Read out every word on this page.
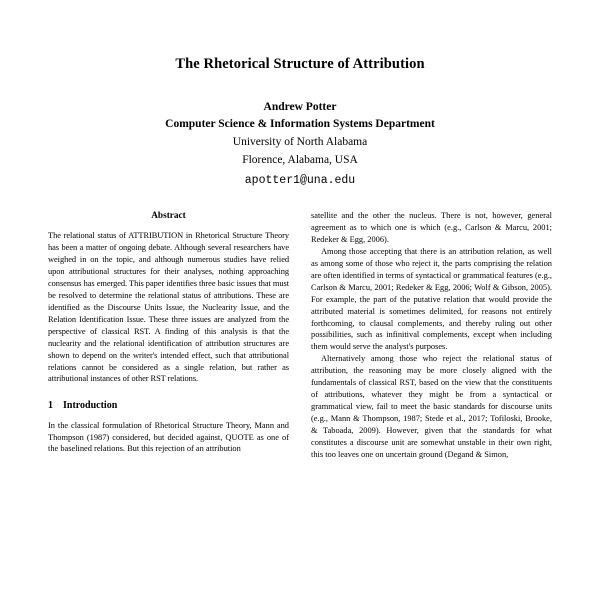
The Rhetorical Structure of Attribution
Andrew Potter
Computer Science & Information Systems Department
University of North Alabama
Florence, Alabama, USA
apotter1@una.edu
Abstract

The relational status of ATTRIBUTION in Rhetorical Structure Theory has been a matter of ongoing debate. Although several researchers have weighed in on the topic, and although numerous studies have relied upon attributional structures for their analyses, nothing approaching consensus has emerged. This paper identifies three basic issues that must be resolved to determine the relational status of attributions. These are identified as the Discourse Units Issue, the Nuclearity Issue, and the Relation Identification Issue. These three issues are analyzed from the perspective of classical RST. A finding of this analysis is that the nuclearity and the relational identification of attribution structures are shown to depend on the writer's intended effect, such that attributional relations cannot be considered as a single relation, but rather as attributional instances of other RST relations.

1 Introduction

In the classical formulation of Rhetorical Structure Theory, Mann and Thompson (1987) considered, but decided against, QUOTE as one of the baselined relations. But this rejection of an attribution

satellite and the other the nucleus. There is not, however, general agreement as to which one is which (e.g., Carlson & Marcu, 2001; Redeker & Egg, 2006).

Among those accepting that there is an attribution relation, as well as among some of those who reject it, the parts comprising the relation are often identified in terms of syntactical or grammatical features (e.g., Carlson & Marcu, 2001; Redeker & Egg, 2006; Wolf & Gibson, 2005). For example, the part of the putative relation that would provide the attributed material is sometimes delimited, for reasons not entirely forthcoming, to clausal complements, and thereby ruling out other possibilities, such as infinitival complements, except when including them would serve the analyst's purposes.

Alternatively among those who reject the relational status of attribution, the reasoning may be more closely aligned with the fundamentals of classical RST, based on the view that the constituents of attributions, whatever they might be from a syntactical or grammatical view, fail to meet the basic standards for discourse units (e.g., Mann & Thompson, 1987; Stede et al., 2017; Tofiloski, Brooke, & Taboada, 2009). However, given that the standards for what constitutes a discourse unit are somewhat unstable in their own right, this too leaves one on uncertain ground (Degand & Simon,
